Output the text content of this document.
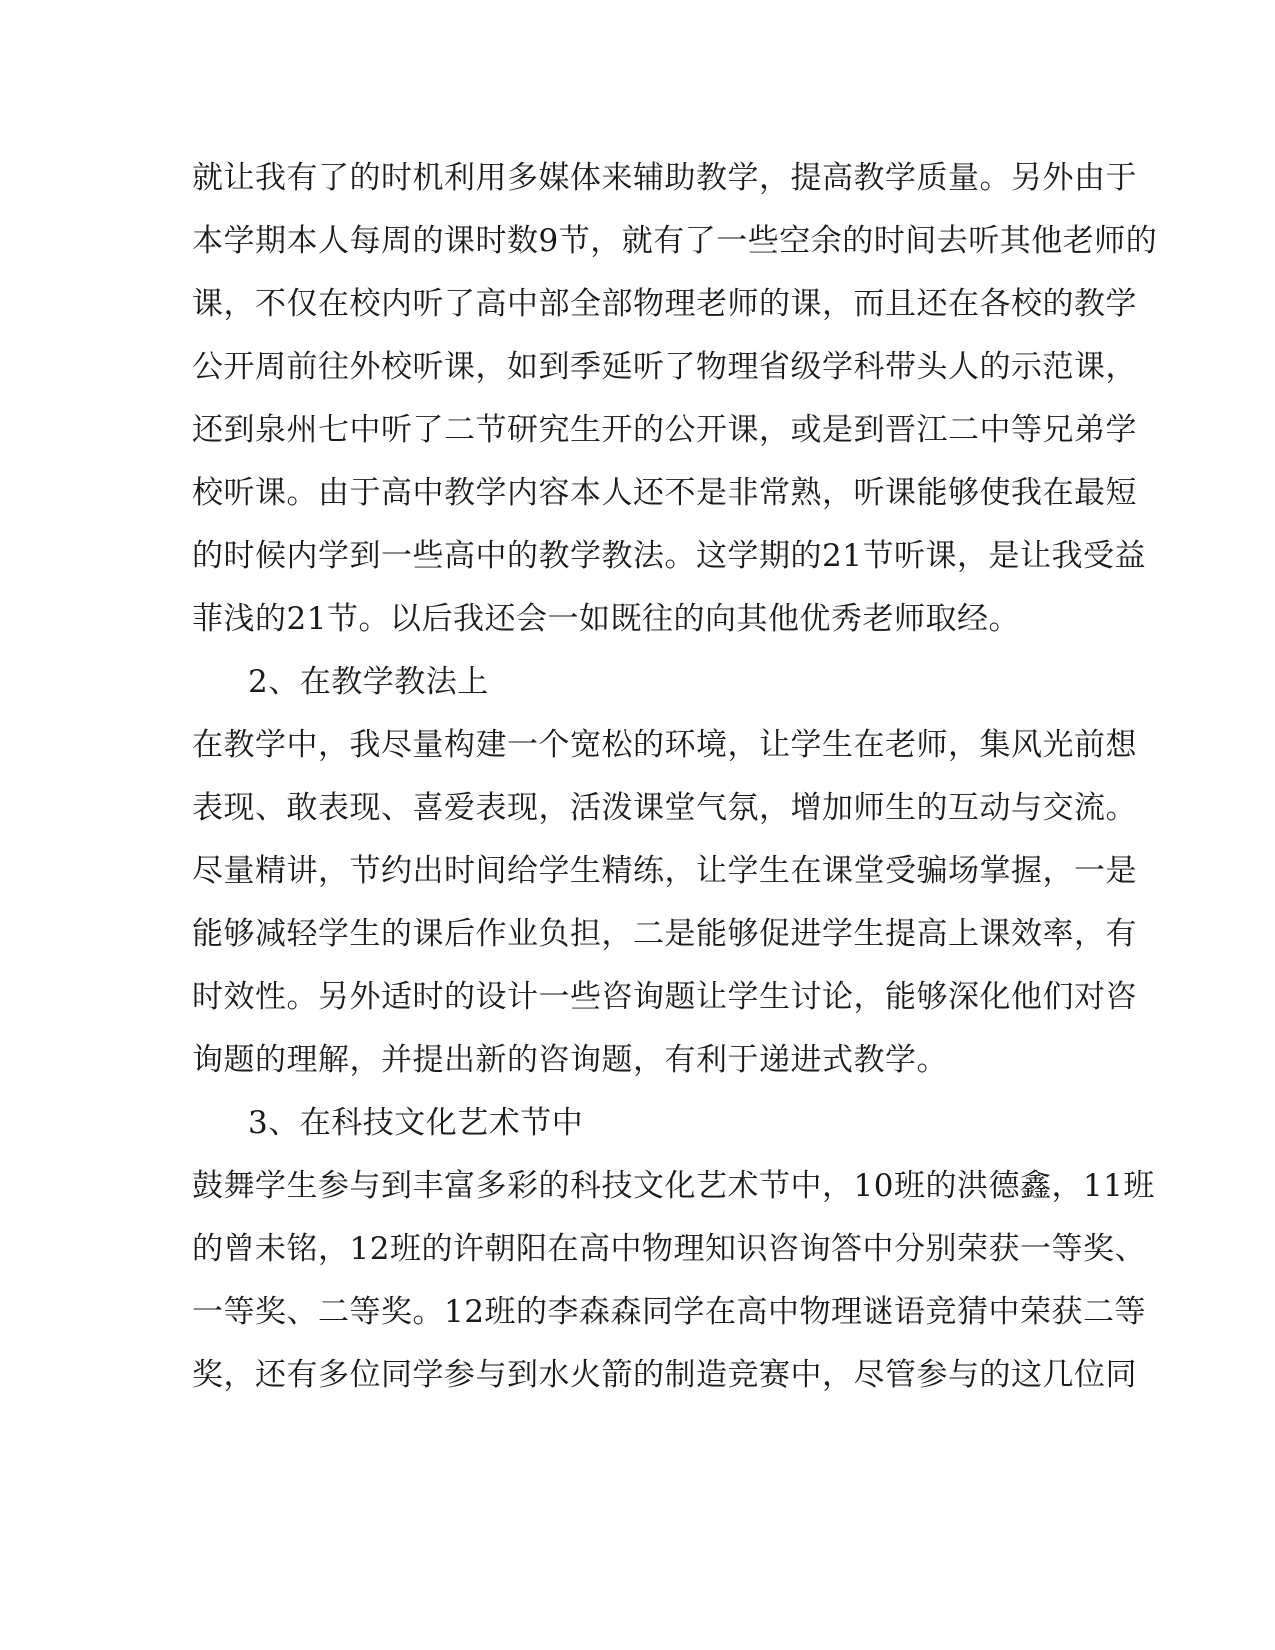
就让我有了的时机利用多媒体来辅助教学，提高教学质量。另外由于
本学期本人每周的课时数9节，就有了一些空余的时间去听其他老师的
课，不仅在校内听了高中部全部物理老师的课，而且还在各校的教学
公开周前往外校听课，如到季延听了物理省级学科带头人的示范课，
还到泉州七中听了二节研究生开的公开课，或是到晋江二中等兄弟学
校听课。由于高中教学内容本人还不是非常熟，听课能够使我在最短
的时候内学到一些高中的教学教法。这学期的21节听课，是让我受益
菲浅的21节。以后我还会一如既往的向其他优秀老师取经。
2、在教学教法上
在教学中，我尽量构建一个宽松的环境，让学生在老师，集风光前想
表现、敢表现、喜爱表现，活泼课堂气氛，增加师生的互动与交流。
尽量精讲，节约出时间给学生精练，让学生在课堂受骗场掌握，一是
能够减轻学生的课后作业负担，二是能够促进学生提高上课效率，有
时效性。另外适时的设计一些咨询题让学生讨论，能够深化他们对咨
询题的理解，并提出新的咨询题，有利于递进式教学。
3、在科技文化艺术节中
鼓舞学生参与到丰富多彩的科技文化艺术节中，10班的洪德鑫，11班
的曾未铭，12班的许朝阳在高中物理知识咨询答中分别荣获一等奖、
一等奖、二等奖。12班的李森森同学在高中物理谜语竞猜中荣获二等
奖，还有多位同学参与到水火箭的制造竞赛中，尽管参与的这几位同
